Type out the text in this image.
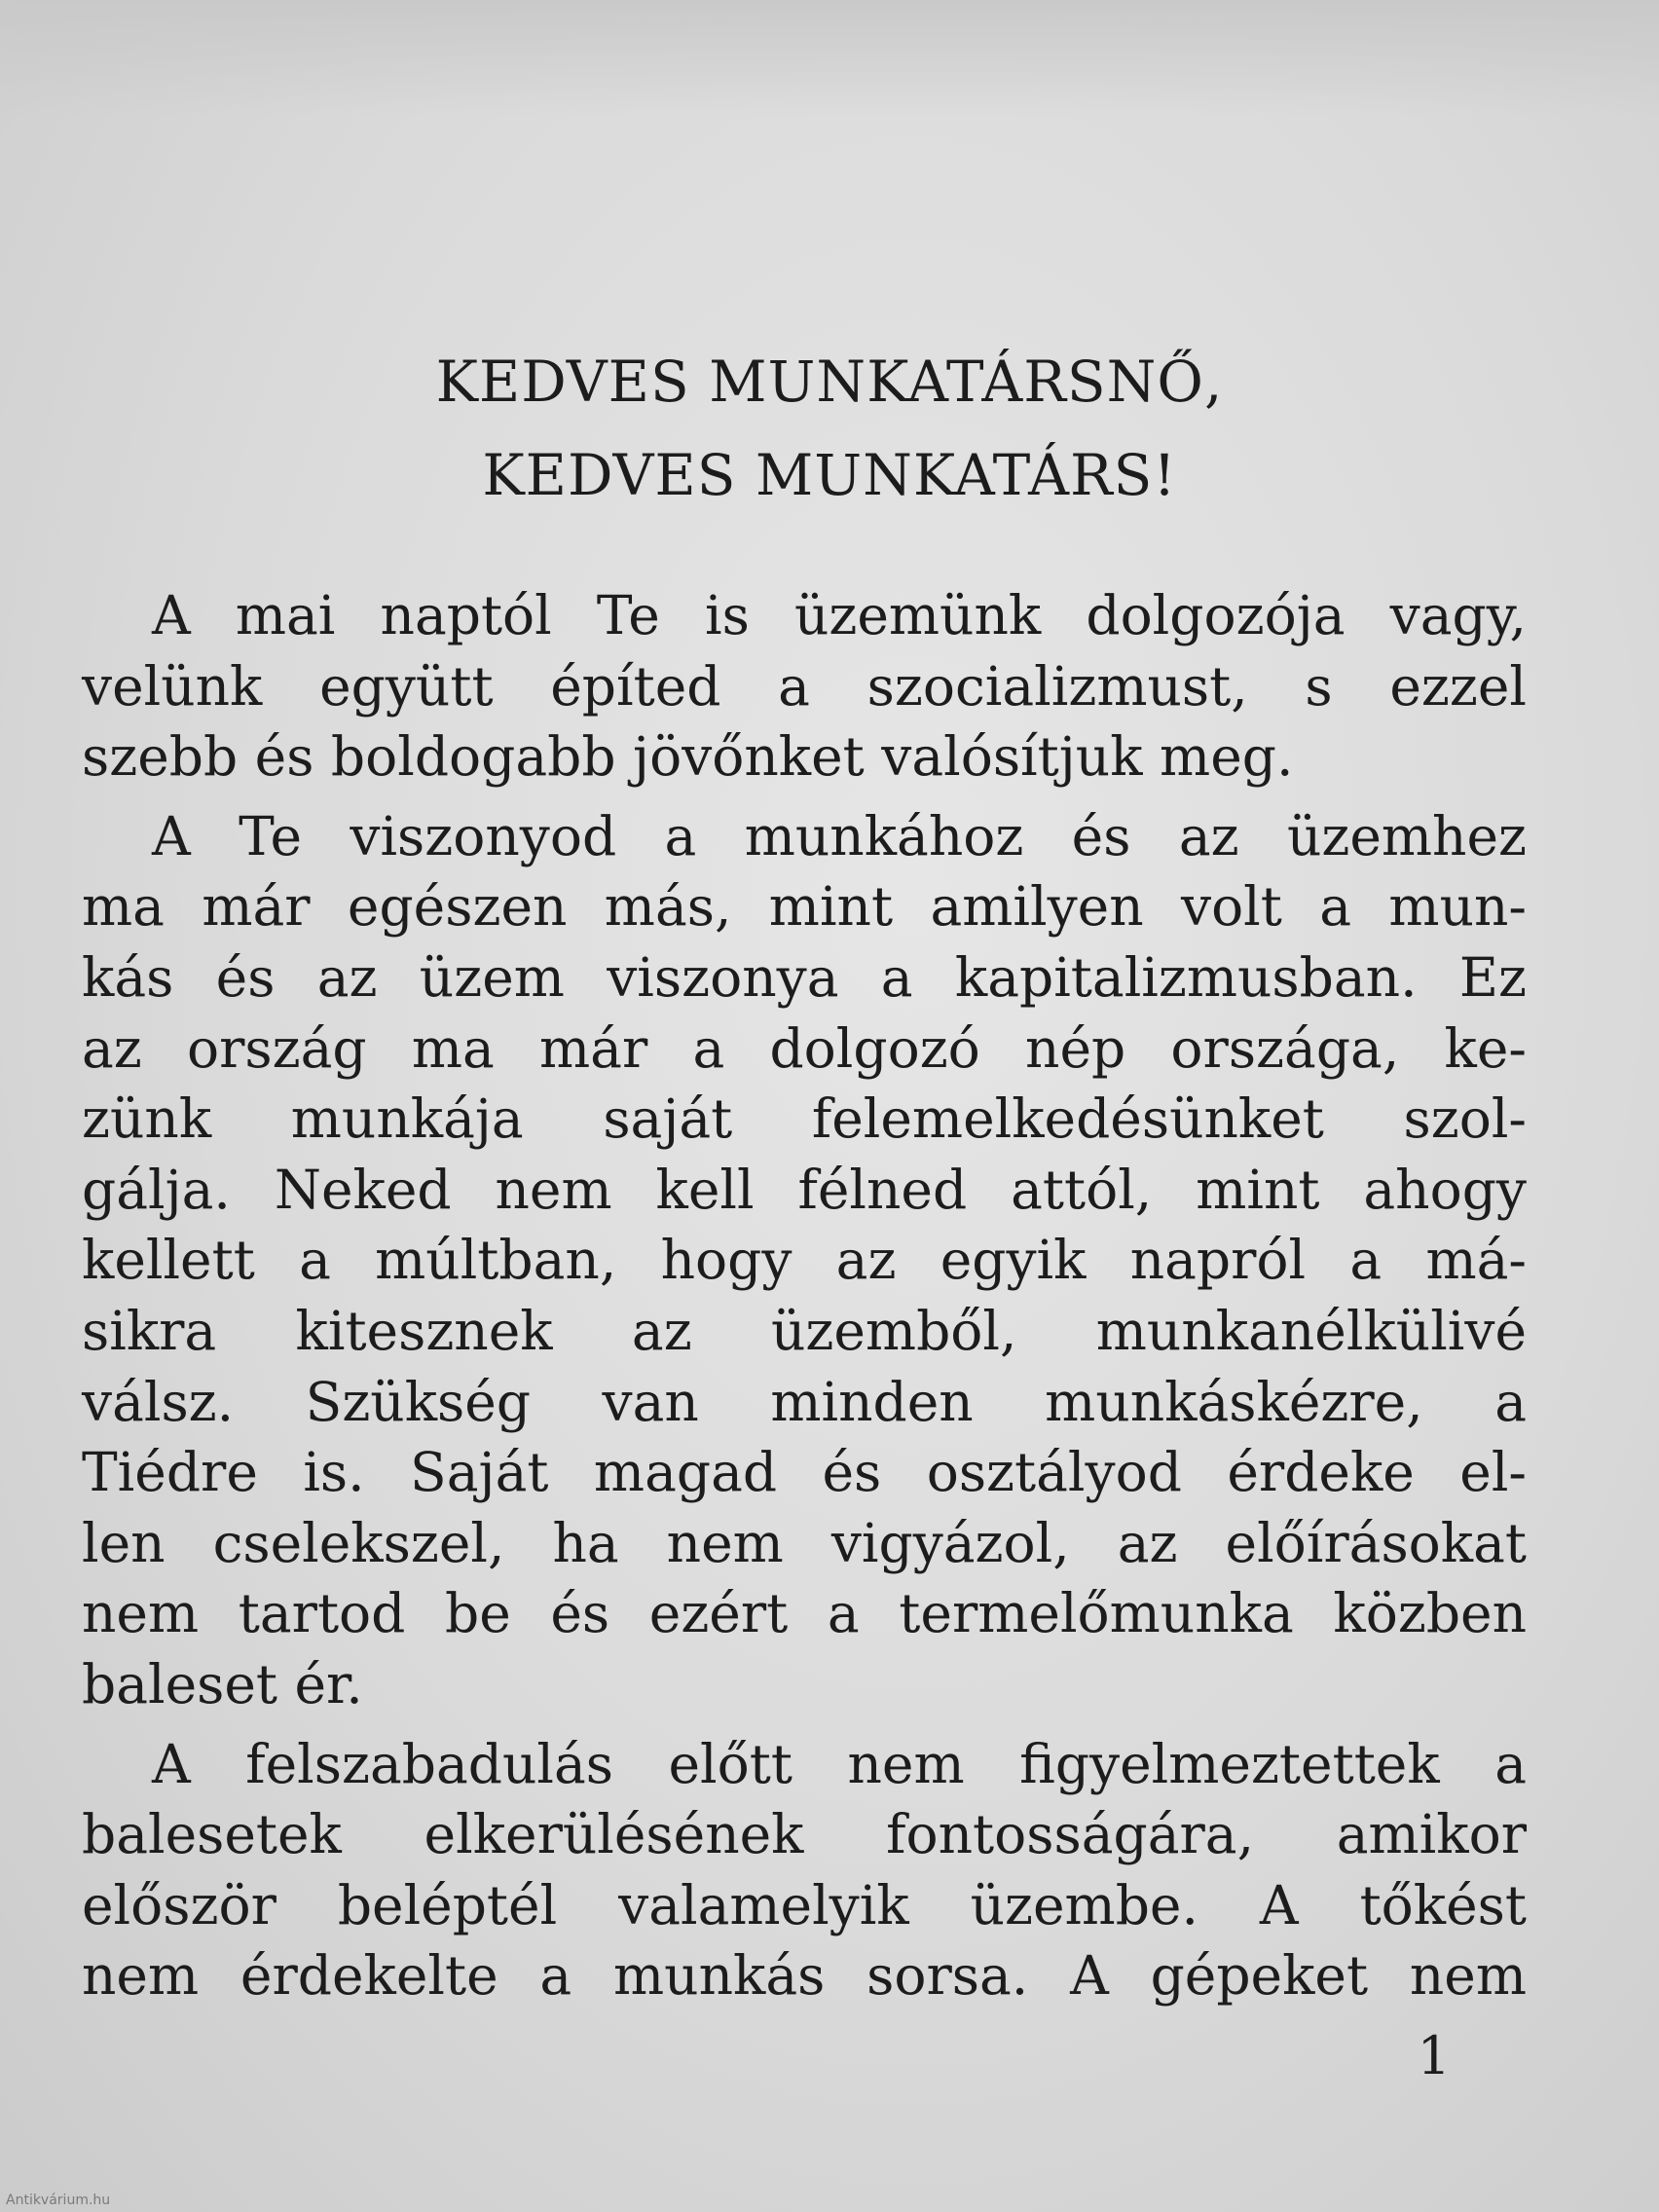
KEDVES MUNKATÁRSNŐ,
KEDVES MUNKATÁRS!
A mai naptól Te is üzemünk dolgozója vagy,
velünk együtt építed a szocializmust, s ezzel
szebb és boldogabb jövőnket valósítjuk meg.
A Te viszonyod a munkához és az üzemhez
ma már egészen más, mint amilyen volt a mun-
kás és az üzem viszonya a kapitalizmusban. Ez
az ország ma már a dolgozó nép országa, ke-
zünk munkája saját felemelkedésünket szol-
gálja. Neked nem kell félned attól, mint ahogy
kellett a múltban, hogy az egyik napról a má-
sikra kitesznek az üzemből, munkanélkülivé
válsz. Szükség van minden munkáskézre, a
Tiédre is. Saját magad és osztályod érdeke el-
len cselekszel, ha nem vigyázol, az előírásokat
nem tartod be és ezért a termelőmunka közben
baleset ér.
A felszabadulás előtt nem figyelmeztettek a
balesetek elkerülésének fontosságára, amikor
először beléptél valamelyik üzembe. A tőkést
nem érdekelte a munkás sorsa. A gépeket nem
1
Antikvárium.hu
